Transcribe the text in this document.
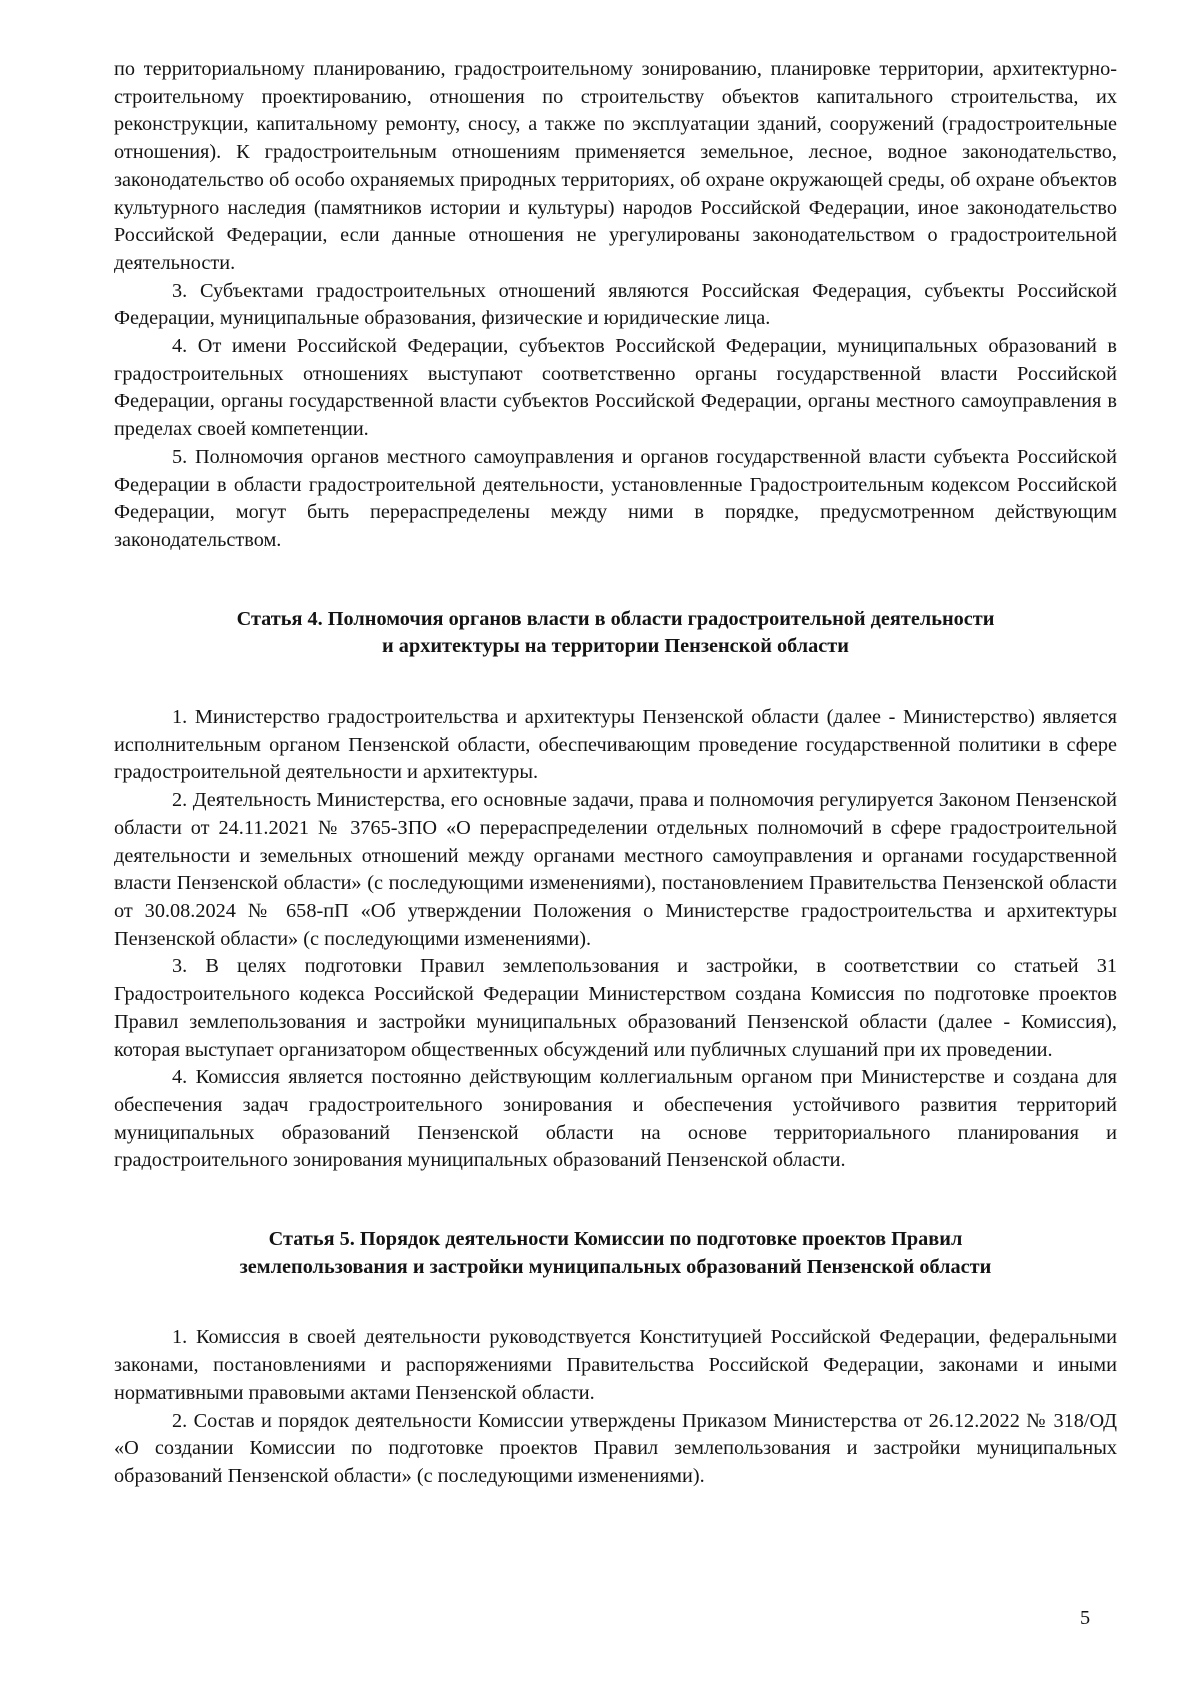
по территориальному планированию, градостроительному зонированию, планировке территории, архитектурно-строительному проектированию, отношения по строительству объектов капитального строительства, их реконструкции, капитальному ремонту, сносу, а также по эксплуатации зданий, сооружений (градостроительные отношения). К градостроительным отношениям применяется земельное, лесное, водное законодательство, законодательство об особо охраняемых природных территориях, об охране окружающей среды, об охране объектов культурного наследия (памятников истории и культуры) народов Российской Федерации, иное законодательство Российской Федерации, если данные отношения не урегулированы законодательством о градостроительной деятельности.

3. Субъектами градостроительных отношений являются Российская Федерация, субъекты Российской Федерации, муниципальные образования, физические и юридические лица.

4. От имени Российской Федерации, субъектов Российской Федерации, муниципальных образований в градостроительных отношениях выступают соответственно органы государственной власти Российской Федерации, органы государственной власти субъектов Российской Федерации, органы местного самоуправления в пределах своей компетенции.

5. Полномочия органов местного самоуправления и органов государственной власти субъекта Российской Федерации в области градостроительной деятельности, установленные Градостроительным кодексом Российской Федерации, могут быть перераспределены между ними в порядке, предусмотренном действующим законодательством.

Статья 4. Полномочия органов власти в области градостроительной деятельности
и архитектуры на территории Пензенской области

1. Министерство градостроительства и архитектуры Пензенской области (далее - Министерство) является исполнительным органом Пензенской области, обеспечивающим проведение государственной политики в сфере градостроительной деятельности и архитектуры.

2. Деятельность Министерства, его основные задачи, права и полномочия регулируется Законом Пензенской области от 24.11.2021 № 3765-ЗПО «О перераспределении отдельных полномочий в сфере градостроительной деятельности и земельных отношений между органами местного самоуправления и органами государственной власти Пензенской области» (с последующими изменениями), постановлением Правительства Пензенской области от 30.08.2024 № 658-пП «Об утверждении Положения о Министерстве градостроительства и архитектуры Пензенской области» (с последующими изменениями).

3. В целях подготовки Правил землепользования и застройки, в соответствии со статьей 31 Градостроительного кодекса Российской Федерации Министерством создана Комиссия по подготовке проектов Правил землепользования и застройки муниципальных образований Пензенской области (далее - Комиссия), которая выступает организатором общественных обсуждений или публичных слушаний при их проведении.

4. Комиссия является постоянно действующим коллегиальным органом при Министерстве и создана для обеспечения задач градостроительного зонирования и обеспечения устойчивого развития территорий муниципальных образований Пензенской области на основе территориального планирования и градостроительного зонирования муниципальных образований Пензенской области.

Статья 5. Порядок деятельности Комиссии по подготовке проектов Правил
землепользования и застройки муниципальных образований Пензенской области

1. Комиссия в своей деятельности руководствуется Конституцией Российской Федерации, федеральными законами, постановлениями и распоряжениями Правительства Российской Федерации, законами и иными нормативными правовыми актами Пензенской области.

2. Состав и порядок деятельности Комиссии утверждены Приказом Министерства от 26.12.2022 № 318/ОД «О создании Комиссии по подготовке проектов Правил землепользования и застройки муниципальных образований Пензенской области» (с последующими изменениями).

5
